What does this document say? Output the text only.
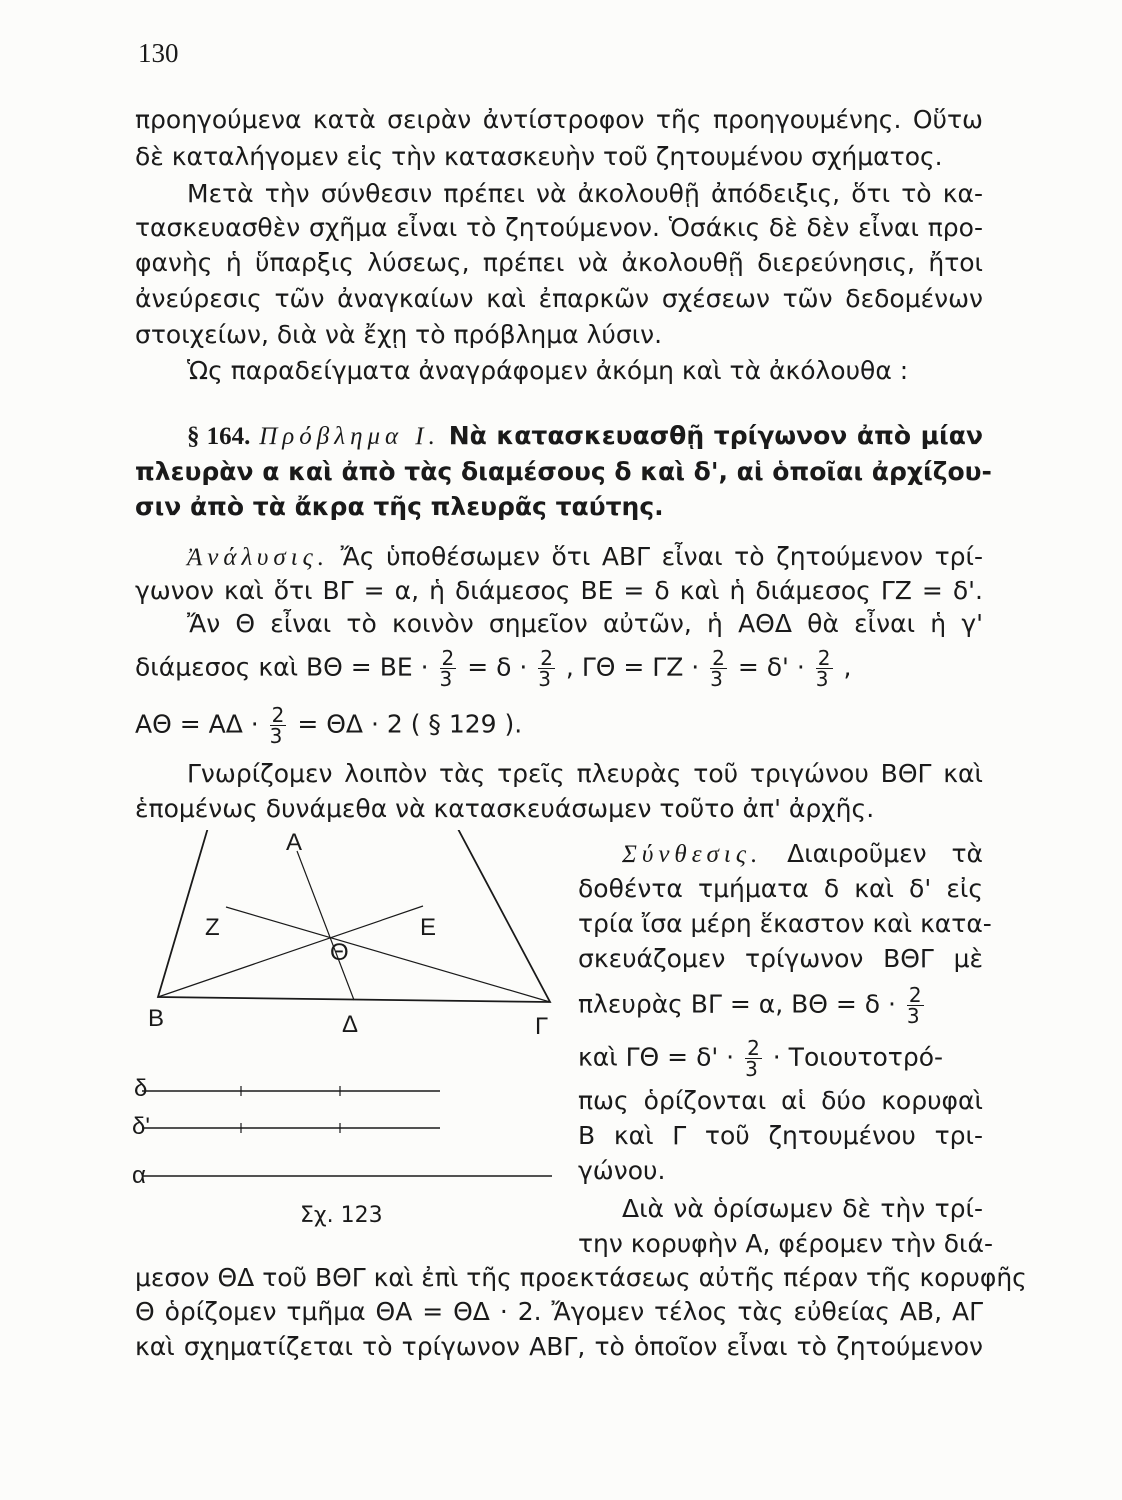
130
προηγούμενα κατὰ σειρὰν ἀντίστροφον τῆς προηγουμένης. Οὕτω
δὲ καταλήγομεν εἰς τὴν κατασκευὴν τοῦ ζητουμένου σχήματος.
Μετὰ τὴν σύνθεσιν πρέπει νὰ ἀκολουθῇ ἀπόδειξις, ὅτι τὸ κα-
τασκευασθὲν σχῆμα εἶναι τὸ ζητούμενον. Ὁσάκις δὲ δὲν εἶναι προ-
φανὴς ἡ ὕπαρξις λύσεως, πρέπει νὰ ἀκολουθῇ διερεύνησις, ἤτοι
ἀνεύρεσις τῶν ἀναγκαίων καὶ ἐπαρκῶν σχέσεων τῶν δεδομένων
στοιχείων, διὰ νὰ ἔχῃ τὸ πρόβλημα λύσιν.
Ὡς παραδείγματα ἀναγράφομεν ἀκόμη καὶ τὰ ἀκόλουθα :
§ 164. Πρόβλημα Ι. Νὰ κατασκευασθῇ τρίγωνον ἀπὸ μίαν
πλευρὰν α καὶ ἀπὸ τὰς διαμέσους δ καὶ δ', αἱ ὁποῖαι ἀρχίζου-
σιν ἀπὸ τὰ ἄκρα τῆς πλευρᾶς ταύτης.
Ἀνάλυσις. Ἄς ὑποθέσωμεν ὅτι ΑΒΓ εἶναι τὸ ζητούμενον τρί-
γωνον καὶ ὅτι ΒΓ = α, ἡ διάμεσος ΒΕ = δ καὶ ἡ διάμεσος ΓΖ = δ'.
Ἄν Θ εἶναι τὸ κοινὸν σημεῖον αὐτῶν, ἡ ΑΘΔ θὰ εἶναι ἡ γ'
διάμεσος καὶ $B\Theta = BE \cdot \frac{2}{3} = \delta \cdot \frac{2}{3}$ , $\Gamma\Theta = \Gamma Z \cdot \frac{2}{3} = \delta' \cdot \frac{2}{3}$ ,
$A\Theta = A\Delta \cdot \frac{2}{3} = \Theta\Delta \cdot 2$ ( § 129 ).
Γνωρίζομεν λοιπὸν τὰς τρεῖς πλευρὰς τοῦ τριγώνου ΒΘΓ καὶ
ἑπομένως δυνάμεθα νὰ κατασκευάσωμεν τοῦτο ἀπ' ἀρχῆς.
Α
Β	Γ
Ζ	Ε
Θ
Δ
δ
δ'
α
Σχ. 123
Σύνθεσις. Διαιροῦμεν τὰ
δοθέντα τμήματα δ καὶ δ' εἰς
τρία ἴσα μέρη ἕκαστον καὶ κατα-
σκευάζομεν τρίγωνον ΒΘΓ μὲ
πλευρὰς ΒΓ = α, $B\Theta = \delta \cdot \frac{2}{3}$
καὶ $\Gamma\Theta = \delta' \cdot \frac{2}{3} \cdot To\iota o\upsilon\tau o\tau\rho ό-$
πως ὁρίζονται αἱ δύο κορυφαὶ
Β καὶ Γ τοῦ ζητουμένου τρι-
γώνου.
Διὰ νὰ ὁρίσωμεν δὲ τὴν τρί-
την κορυφὴν Α, φέρομεν τὴν διά-
μεσον ΘΔ τοῦ ΒΘΓ καὶ ἐπὶ τῆς προεκτάσεως αὐτῆς πέραν τῆς κορυφῆς
Θ ὁρίζομεν τμῆμα ΘΑ = ΘΔ · 2. Ἄγομεν τέλος τὰς εὐθείας ΑΒ, ΑΓ
καὶ σχηματίζεται τὸ τρίγωνον ΑΒΓ, τὸ ὁποῖον εἶναι τὸ ζητούμενον
